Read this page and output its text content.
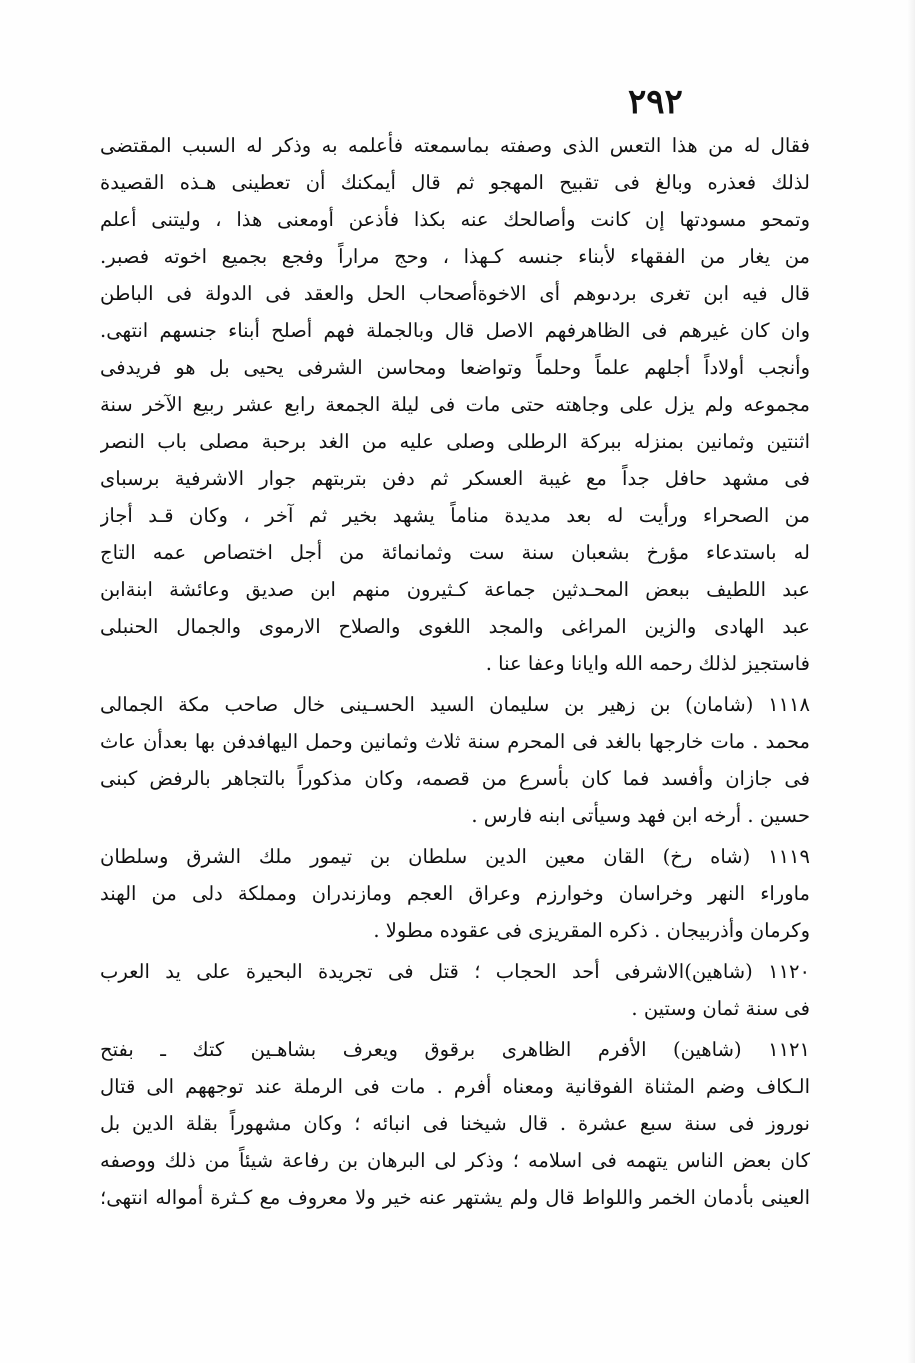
٢٩٢
فقال له من هذا التعس الذى وصفته بماسمعته فأعلمه به وذكر له السبب المقتضى
لذلك فعذره وبالغ فى تقبيح المهجو ثم قال أيمكنك أن تعطينى هـذه القصيدة
وتمحو مسودتها إن كانت وأصالحك عنه بكذا فأذعن أومعنى هذا ، وليتنى أعلم
من يغار من الفقهاء لأبناء جنسه كـهذا ، وحج مراراً وفجع بجميع اخوته فصبر.
قال فيه ابن تغرى بردىوهم أى الاخوةأصحاب الحل والعقد فى الدولة فى الباطن
وان كان غيرهم فى الظاهرفهم الاصل قال وبالجملة فهم أصلح أبناء جنسهم انتهى.
وأنجب أولاداً أجلهم علماً وحلماً وتواضعا ومحاسن الشرفى يحيى بل هو فريدفى
مجموعه ولم يزل على وجاهته حتى مات فى ليلة الجمعة رابع عشر ربيع الآخر سنة
اثنتين وثمانين بمنزله ببركة الرطلى وصلى عليه من الغد برحبة مصلى باب النصر
فى مشهد حافل جداً مع غيبة العسكر ثم دفن بتربتهم جوار الاشرفية برسباى
من الصحراء ورأيت له بعد مديدة مناماً يشهد بخير ثم آخر ، وكان قـد أجاز
له باستدعاء مؤرخ بشعبان سنة ست وثمانمائة من أجل اختصاص عمه التاج
عبد اللطيف ببعض المحـدثين جماعة كـثيرون منهم ابن صديق وعائشة ابنةابن
عبد الهادى والزين المراغى والمجد اللغوى والصلاح الارموى والجمال الحنبلى
فاستجيز لذلك رحمه الله وايانا وعفا عنا .
١١١٨ (شامان) بن زهير بن سليمان السيد الحسـينى خال صاحب مكة الجمالى
محمد . مات خارجها بالغد فى المحرم سنة ثلاث وثمانين وحمل اليهافدفن بها بعدأن عاث
فى جازان وأفسد فما كان بأسرع من قصمه، وكان مذكوراً بالتجاهر بالرفض كبنى
حسين . أرخه ابن فهد وسيأتى ابنه فارس .
١١١٩ (شاه رخ) القان معين الدين سلطان بن تيمور ملك الشرق وسلطان
ماوراء النهر وخراسان وخوارزم وعراق العجم ومازندران ومملكة دلى من الهند
وكرمان وأذربيجان . ذكره المقريزى فى عقوده مطولا .
١١٢٠ (شاهين)الاشرفى أحد الحجاب ؛ قتل فى تجريدة البحيرة على يد العرب
فى سنة ثمان وستين .
١١٢١ (شاهين) الأفرم الظاهرى برقوق ويعرف بشاهـين كتك ـ بفتح
الـكاف وضم المثناة الفوقانية ومعناه أفرم . مات فى الرملة عند توجههم الى قتال
نوروز فى سنة سبع عشرة . قال شيخنا فى انبائه ؛ وكان مشهوراً بقلة الدين بل
كان بعض الناس يتهمه فى اسلامه ؛ وذكر لى البرهان بن رفاعة شيئاً من ذلك ووصفه
العينى بأدمان الخمر واللواط قال ولم يشتهر عنه خير ولا معروف مع كـثرة أمواله انتهى؛
